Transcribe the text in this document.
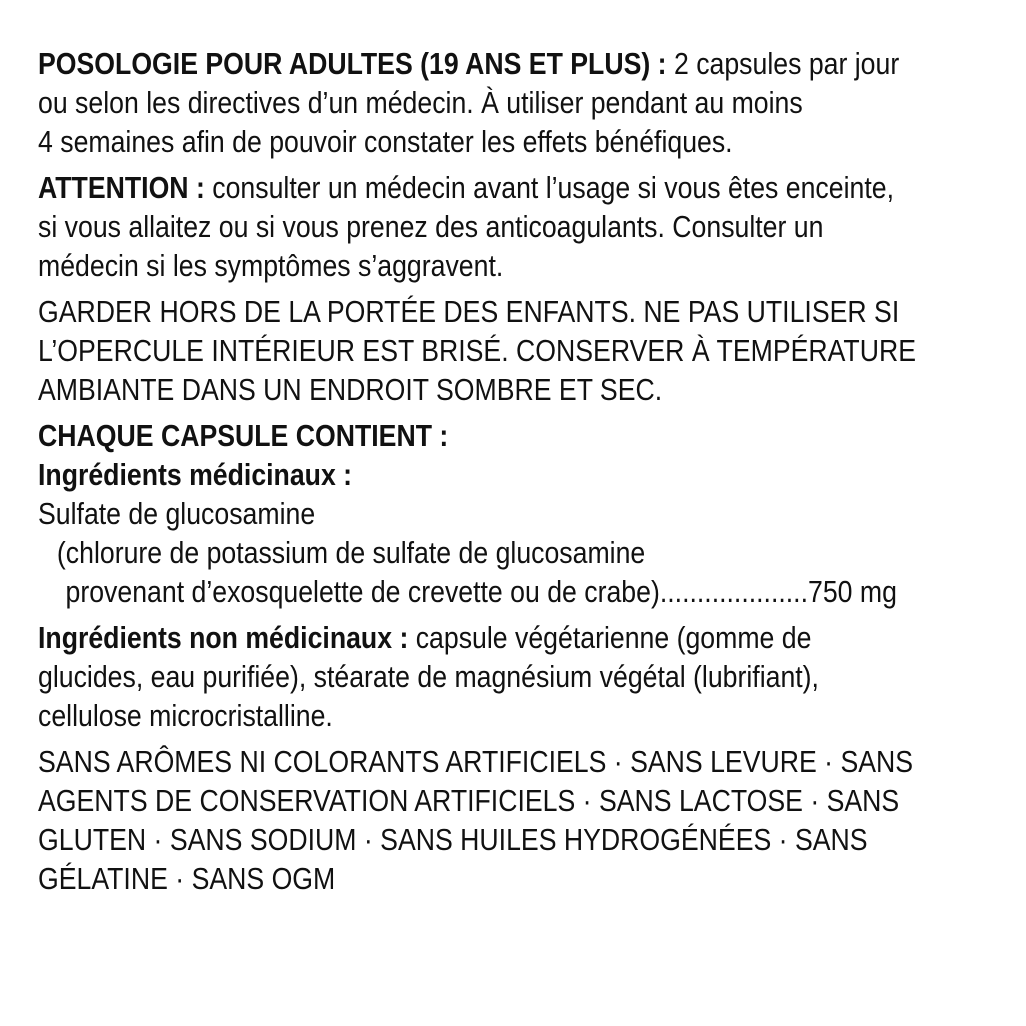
POSOLOGIE POUR ADULTES (19 ANS ET PLUS) : 2 capsules par jour
ou selon les directives d’un médecin. À utiliser pendant au moins
4 semaines afin de pouvoir constater les effets bénéfiques.
ATTENTION : consulter un médecin avant l’usage si vous êtes enceinte,
si vous allaitez ou si vous prenez des anticoagulants. Consulter un
médecin si les symptômes s’aggravent.
GARDER HORS DE LA PORTÉE DES ENFANTS. NE PAS UTILISER SI
L’OPERCULE INTÉRIEUR EST BRISÉ. CONSERVER À TEMPÉRATURE
AMBIANTE DANS UN ENDROIT SOMBRE ET SEC.
CHAQUE CAPSULE CONTIENT :
Ingrédients médicinaux :
Sulfate de glucosamine
(chlorure de potassium de sulfate de glucosamine
provenant d’exosquelette de crevette ou de crabe)....................750 mg
Ingrédients non médicinaux : capsule végétarienne (gomme de
glucides, eau purifiée), stéarate de magnésium végétal (lubrifiant),
cellulose microcristalline.
SANS ARÔMES NI COLORANTS ARTIFICIELS · SANS LEVURE · SANS
AGENTS DE CONSERVATION ARTIFICIELS · SANS LACTOSE · SANS
GLUTEN · SANS SODIUM · SANS HUILES HYDROGÉNÉES · SANS
GÉLATINE · SANS OGM
